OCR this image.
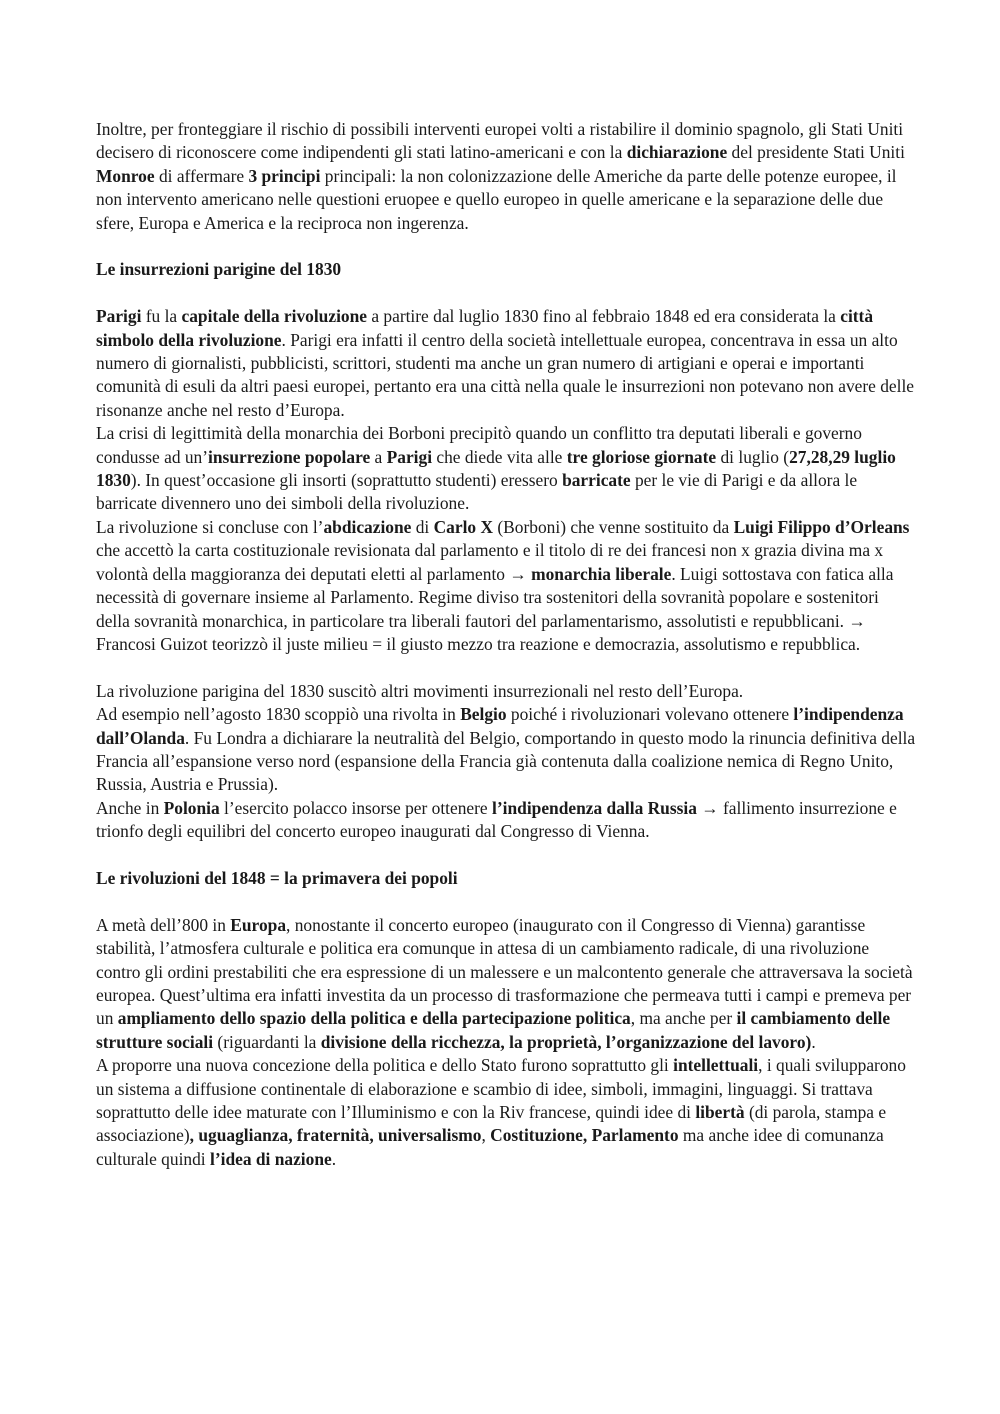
Inoltre, per fronteggiare il rischio di possibili interventi europei volti a ristabilire il dominio spagnolo, gli Stati Uniti decisero di riconoscere come indipendenti gli stati latino-americani e con la dichiarazione del presidente Stati Uniti Monroe di affermare 3 principi principali: la non colonizzazione delle Americhe da parte delle potenze europee, il non intervento americano nelle questioni eruopee e quello europeo in quelle americane e la separazione delle due sfere, Europa e America e la reciproca non ingerenza.

Le insurrezioni parigine del 1830

Parigi fu la capitale della rivoluzione a partire dal luglio 1830 fino al febbraio 1848 ed era considerata la città simbolo della rivoluzione. Parigi era infatti il centro della società intellettuale europea, concentrava in essa un alto numero di giornalisti, pubblicisti, scrittori, studenti ma anche un gran numero di artigiani e operai e importanti comunità di esuli da altri paesi europei, pertanto era una città nella quale le insurrezioni non potevano non avere delle risonanze anche nel resto d’Europa.

La crisi di legittimità della monarchia dei Borboni precipitò quando un conflitto tra deputati liberali e governo condusse ad un’insurrezione popolare a Parigi che diede vita alle tre gloriose giornate di luglio (27,28,29 luglio 1830). In quest’occasione gli insorti (soprattutto studenti) eressero barricate per le vie di Parigi e da allora le barricate divennero uno dei simboli della rivoluzione.

La rivoluzione si concluse con l’abdicazione di Carlo X (Borboni) che venne sostituito da Luigi Filippo d’Orleans che accettò la carta costituzionale revisionata dal parlamento e il titolo di re dei francesi non x grazia divina ma x volontà della maggioranza dei deputati eletti al parlamento → monarchia liberale. Luigi sottostava con fatica alla necessità di governare insieme al Parlamento. Regime diviso tra sostenitori della sovranità popolare e sostenitori della sovranità monarchica, in particolare tra liberali fautori del parlamentarismo, assolutisti e repubblicani. → Francosi Guizot teorizzò il juste milieu = il giusto mezzo tra reazione e democrazia, assolutismo e repubblica.

La rivoluzione parigina del 1830 suscitò altri movimenti insurrezionali nel resto dell’Europa.

Ad esempio nell’agosto 1830 scoppiò una rivolta in Belgio poiché i rivoluzionari volevano ottenere l’indipendenza dall’Olanda. Fu Londra a dichiarare la neutralità del Belgio, comportando in questo modo la rinuncia definitiva della Francia all’espansione verso nord (espansione della Francia già contenuta dalla coalizione nemica di Regno Unito, Russia, Austria e Prussia).

Anche in Polonia l’esercito polacco insorse per ottenere l’indipendenza dalla Russia → fallimento insurrezione e trionfo degli equilibri del concerto europeo inaugurati dal Congresso di Vienna.

Le rivoluzioni del 1848 = la primavera dei popoli

A metà dell’800 in Europa, nonostante il concerto europeo (inaugurato con il Congresso di Vienna) garantisse stabilità, l’atmosfera culturale e politica era comunque in attesa di un cambiamento radicale, di una rivoluzione contro gli ordini prestabiliti che era espressione di un malessere e un malcontento generale che attraversava la società europea. Quest’ultima era infatti investita da un processo di trasformazione che permeava tutti i campi e premeva per un ampliamento dello spazio della politica e della partecipazione politica, ma anche per il cambiamento delle strutture sociali (riguardanti la divisione della ricchezza, la proprietà, l’organizzazione del lavoro).

A proporre una nuova concezione della politica e dello Stato furono soprattutto gli intellettuali, i quali svilupparono un sistema a diffusione continentale di elaborazione e scambio di idee, simboli, immagini, linguaggi. Si trattava soprattutto delle idee maturate con l’Illuminismo e con la Riv francese, quindi idee di libertà (di parola, stampa e associazione), uguaglianza, fraternità, universalismo, Costituzione, Parlamento ma anche idee di comunanza culturale quindi l’idea di nazione.
